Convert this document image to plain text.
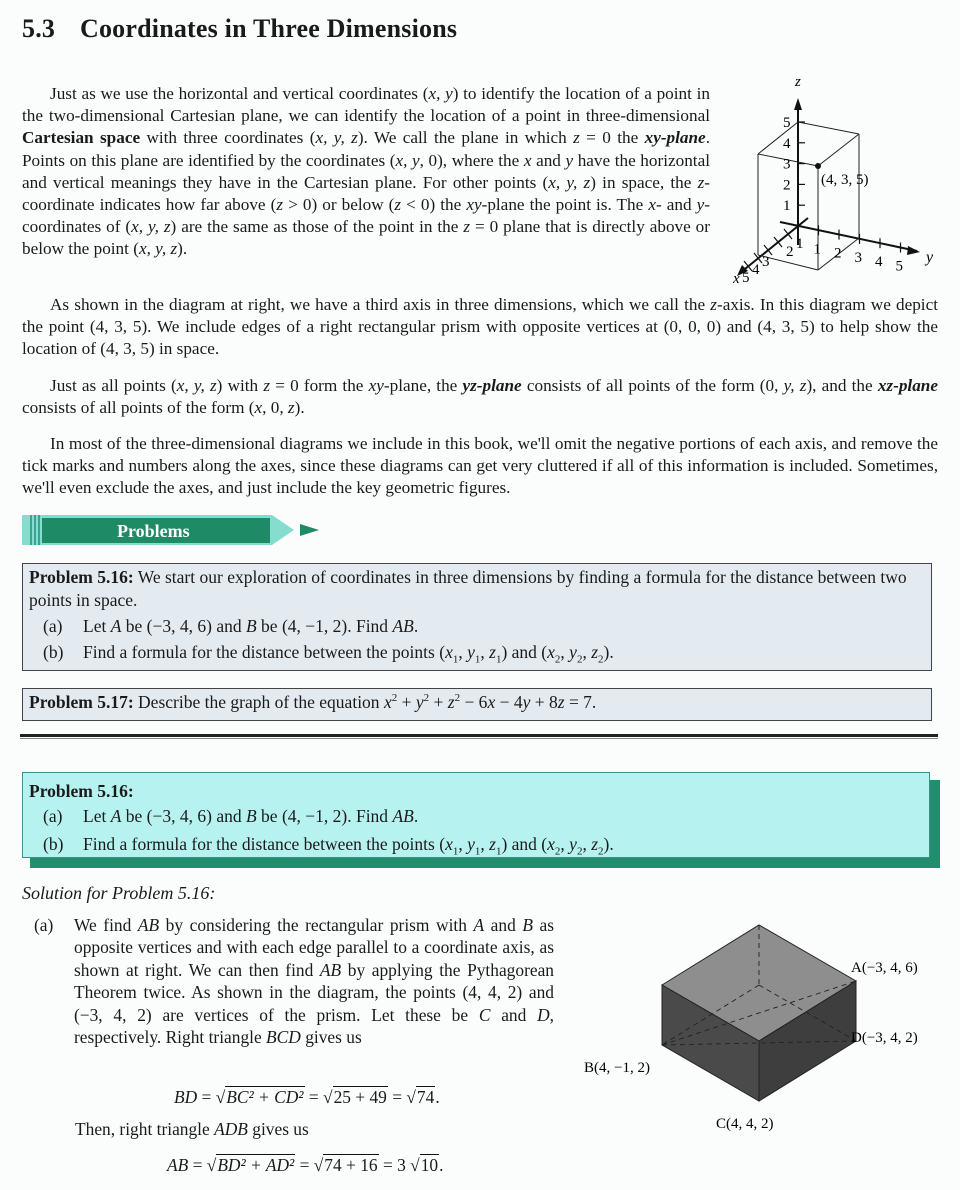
5.3 Coordinates in Three Dimensions

Just as we use the horizontal and vertical coordinates (x, y) to identify the location of a point in the two-dimensional Cartesian plane, we can identify the location of a point in three-dimensional Cartesian space with three coordinates (x, y, z). We call the plane in which z = 0 the xy-plane. Points on this plane are identified by the coordinates (x, y, 0), where the x and y have the horizontal and vertical meanings they have in the Cartesian plane. For other points (x, y, z) in space, the z-coordinate indicates how far above (z > 0) or below (z < 0) the xy-plane the point is. The x- and y-coordinates of (x, y, z) are the same as those of the point in the z = 0 plane that is directly above or below the point (x, y, z).

z
y
x
(4, 3, 5)
1
2
3
4
5
1 2 3 4 5
1
2
3
4
5

As shown in the diagram at right, we have a third axis in three dimensions, which we call the z-axis. In this diagram we depict the point (4, 3, 5). We include edges of a right rectangular prism with opposite vertices at (0, 0, 0) and (4, 3, 5) to help show the location of (4, 3, 5) in space.

Just as all points (x, y, z) with z = 0 form the xy-plane, the yz-plane consists of all points of the form (0, y, z), and the xz-plane consists of all points of the form (x, 0, z).

In most of the three-dimensional diagrams we include in this book, we'll omit the negative portions of each axis, and remove the tick marks and numbers along the axes, since these diagrams can get very cluttered if all of this information is included. Sometimes, we'll even exclude the axes, and just include the key geometric figures.

Problems
Problem 5.16: We start our exploration of coordinates in three dimensions by finding a formula for the distance between two points in space.
(a)	Let A be (−3, 4, 6) and B be (4, −1, 2). Find AB.
(b)	Find a formula for the distance between the points ($x_1$, $y_1$, $z_1$) and ($x_2$, $y_2$, $z_2$).
Problem 5.17: Describe the graph of the equation $x^2 + y^2 + z^2 - 6x - 4y + 8z = 7$.
Problem 5.16:
(a)	Let A be (−3, 4, 6) and B be (4, −1, 2). Find AB.
(b)	Find a formula for the distance between the points ($x_1$, $y_1$, $z_1$) and ($x_2$, $y_2$, $z_2$).
Solution for Problem 5.16:
(a)	We find AB by considering the rectangular prism with A and B as opposite vertices and with each edge parallel to a coordinate axis, as shown at right. We can then find AB by applying the Pythagorean Theorem twice. As shown in the diagram, the points (4, 4, 2) and (−3, 4, 2) are vertices of the prism. Let these be C and D, respectively. Right triangle BCD gives us
BD = √BC² + CD² = √25 + 49 = √74.
Then, right triangle ADB gives us
AB = √BD² + AD² = √74 + 16 = 3 √10.
A(−3, 4, 6)
D(−3, 4, 2)
B(4, −1, 2)
C(4, 4, 2)
